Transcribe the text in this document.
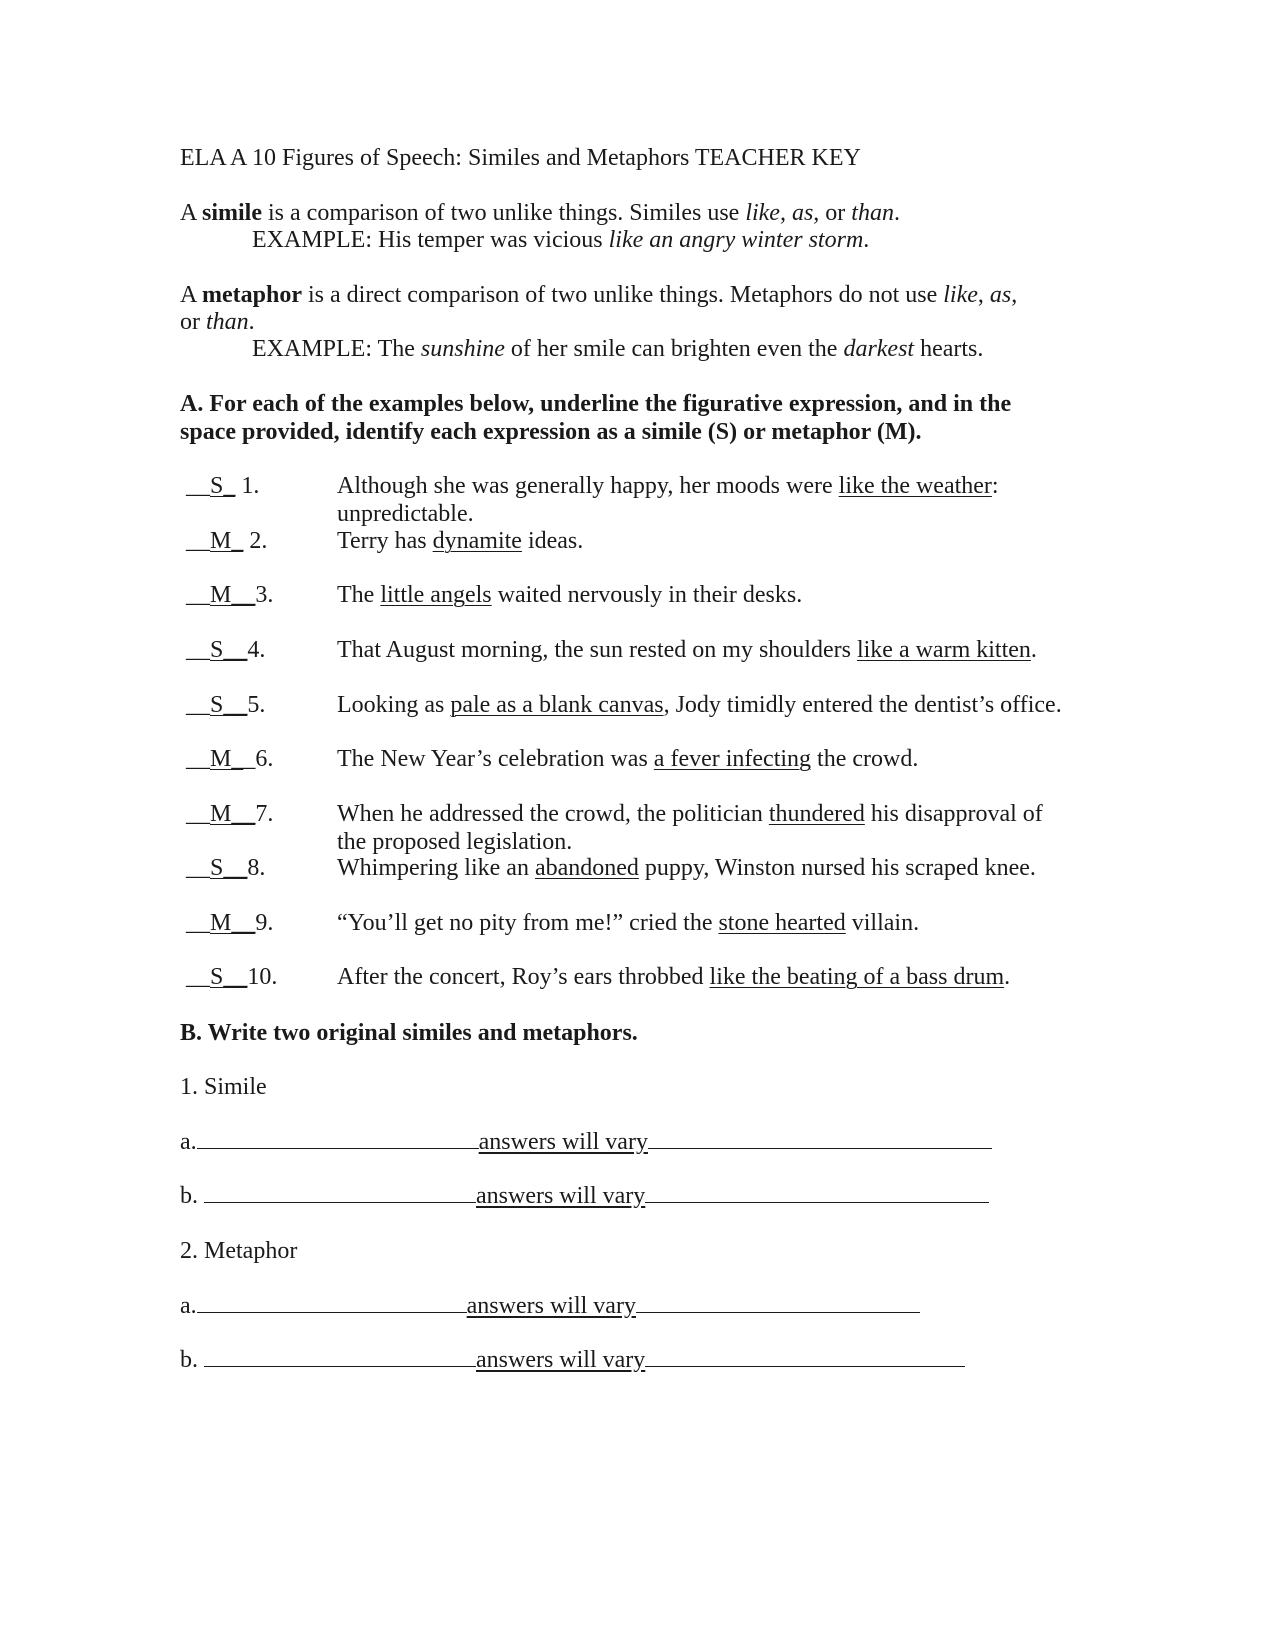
ELA A 10 Figures of Speech: Similes and Metaphors TEACHER KEY
A simile is a comparison of two unlike things. Similes use like, as, or than.
EXAMPLE: His temper was vicious like an angry winter storm.
A metaphor is a direct comparison of two unlike things. Metaphors do not use like, as,
or than.
EXAMPLE: The sunshine of her smile can brighten even the darkest hearts.
A. For each of the examples below, underline the figurative expression, and in the
space provided, identify each expression as a simile (S) or metaphor (M).
__S_ 1.	Although she was generally happy, her moods were like the weather: unpredictable.
__M_ 2.	Terry has dynamite ideas.
__M__3.	The little angels waited nervously in their desks.
__S__4.	That August morning, the sun rested on my shoulders like a warm kitten.
__S__5.	Looking as pale as a blank canvas, Jody timidly entered the dentist’s office.
__M__6.	The New Year’s celebration was a fever infecting the crowd.
__M__7.	When he addressed the crowd, the politician thundered his disapproval of the proposed legislation.
__S__8.	Whimpering like an abandoned puppy, Winston nursed his scraped knee.
__M__9.	“You’ll get no pity from me!” cried the stone hearted villain.
__S__10. After the concert, Roy’s ears throbbed like the beating of a bass drum.
B. Write two original similes and metaphors.
1. Simile
a.	answers will vary
b.	answers will vary
2. Metaphor
a.	answers will vary
b.	answers will vary
